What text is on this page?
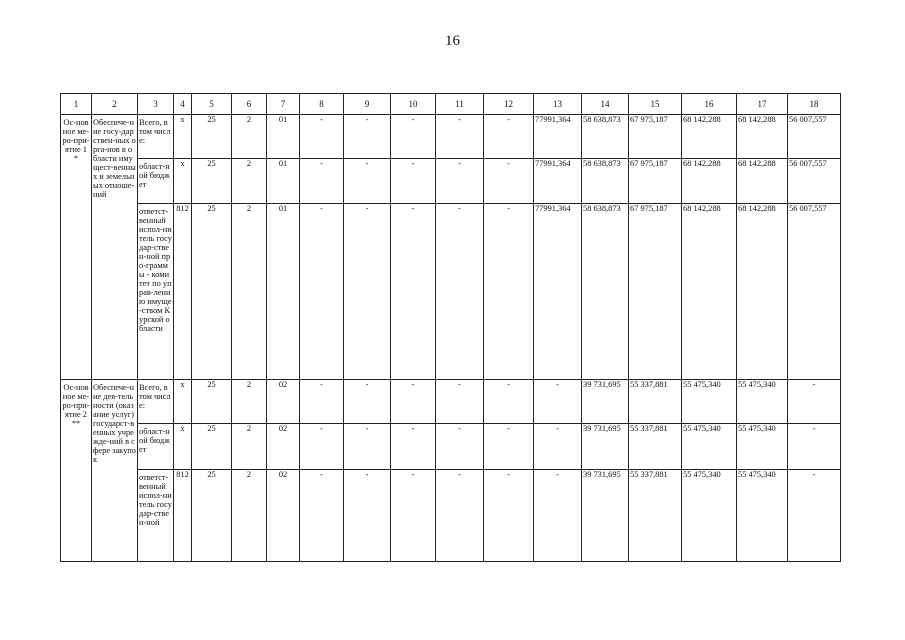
16
1	2	3	4	5	6	7	8	9	10	11	12	13	14	15	16	17	18
Ос-новное ме-ро-при-ятие 1 *	Обеспече-ние госу-дарствен-ных орга-нов в области имущест-венных и земельных отноше-ний	Всего, в том числе:	х	25	2	01	-	-	-	-	-	77991,364	58 638,873	67 975,187	68 142,288	68 142,288	56 007,557
		област-ной бюджет	х	25	2	01	-	-	-	-	-	77991,364	58 638,873	67 975,187	68 142,288	68 142,288	56 007,557
		ответст-венный испол-нитель государ-ствен-ной про-граммы - комитет по управ-лению имуще-ством Курской области	812	25	2	01	-	-	-	-	-	77991,364	58 638,873	67 975,187	68 142,288	68 142,288	56 007,557
Ос-новное ме-ро-при-ятие 2 **	Обеспече-ние дея-тельности (оказание услуг) государст-венных учрежде-ний в сфере закупок	Всего, в том числе:	х	25	2	02	-	-	-	-	-	-	39 731,695	55 337,881	55 475,340	55 475,340	-
		област-ной бюджет	х	25	2	02	-	-	-	-	-	-	39 731,695	55 337,881	55 475,340	55 475,340	-
		ответст-венный испол-нитель государ-ствен-ной	812	25	2	02	-	-	-	-	-	-	39 731,695	55 337,881	55 475,340	55 475,340	-
